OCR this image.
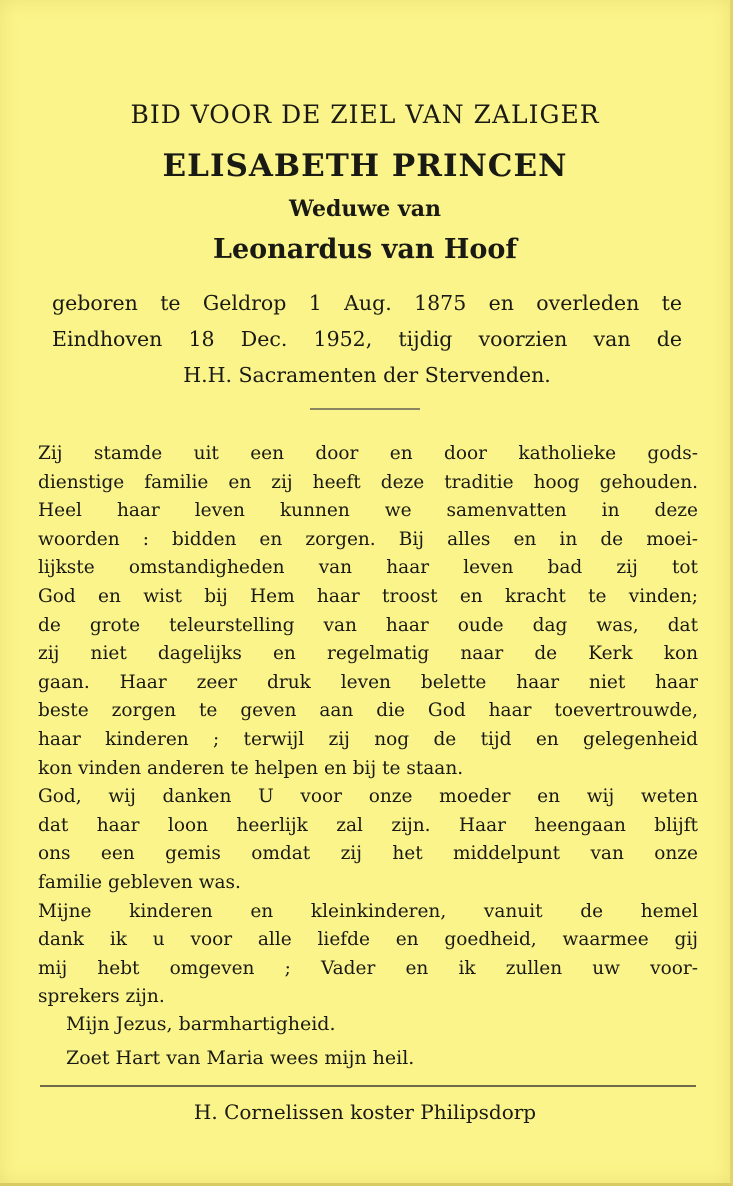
BID VOOR DE ZIEL VAN ZALIGER
ELISABETH PRINCEN
Weduwe van
Leonardus van Hoof
geboren te Geldrop 1 Aug. 1875 en overleden te
Eindhoven 18 Dec. 1952, tijdig voorzien van de
H.H. Sacramenten der Stervenden.
Zij stamde uit een door en door katholieke gods-
dienstige familie en zij heeft deze traditie hoog gehouden.
Heel haar leven kunnen we samenvatten in deze
woorden : bidden en zorgen. Bij alles en in de moei-
lijkste omstandigheden van haar leven bad zij tot
God en wist bij Hem haar troost en kracht te vinden;
de grote teleurstelling van haar oude dag was, dat
zij niet dagelijks en regelmatig naar de Kerk kon
gaan. Haar zeer druk leven belette haar niet haar
beste zorgen te geven aan die God haar toevertrouwde,
haar kinderen ; terwijl zij nog de tijd en gelegenheid
kon vinden anderen te helpen en bij te staan.
God, wij danken U voor onze moeder en wij weten
dat haar loon heerlijk zal zijn. Haar heengaan blijft
ons een gemis omdat zij het middelpunt van onze
familie gebleven was.
Mijne kinderen en kleinkinderen, vanuit de hemel
dank ik u voor alle liefde en goedheid, waarmee gij
mij hebt omgeven ; Vader en ik zullen uw voor-
sprekers zijn.
Mijn Jezus, barmhartigheid.
Zoet Hart van Maria wees mijn heil.
H. Cornelissen koster Philipsdorp
